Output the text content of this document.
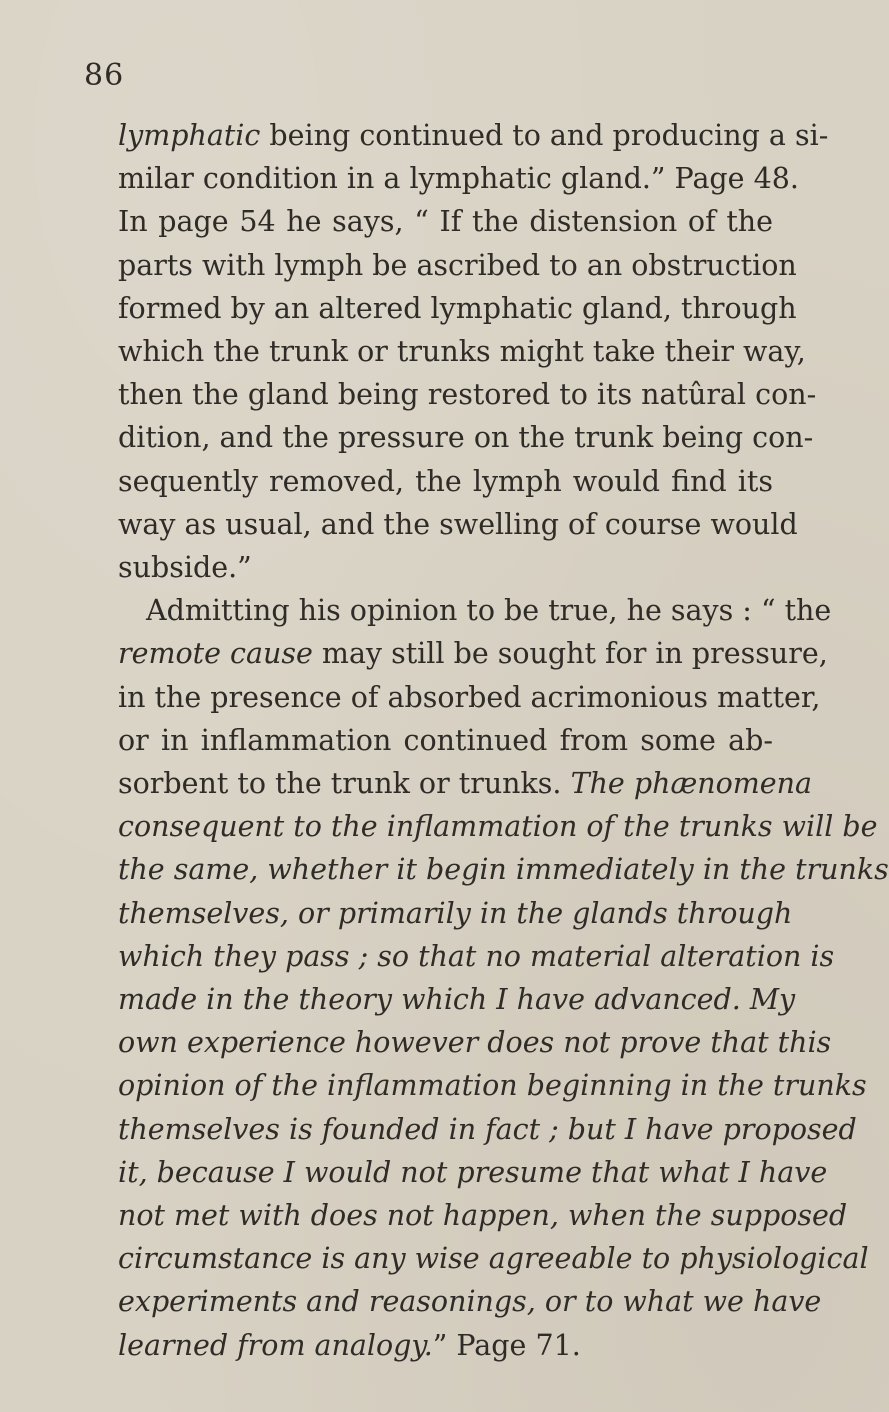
86
lymphatic being continued to and producing a si-
milar condition in a lymphatic gland.” Page 48.
In page 54 he says, “ If the distension of the
parts with lymph be ascribed to an obstruction
formed by an altered lymphatic gland, through
which the trunk or trunks might take their way,
then the gland being restored to its natûral con-
dition, and the pressure on the trunk being con-
sequently removed, the lymph would find its
way as usual, and the swelling of course would
subside.”
Admitting his opinion to be true, he says : “ the
remote cause may still be sought for in pressure,
in the presence of absorbed acrimonious matter,
or in inflammation continued from some ab-
sorbent to the trunk or trunks. The phænomena
consequent to the inflammation of the trunks will be
the same, whether it begin immediately in the trunks
themselves, or primarily in the glands through
which they pass ; so that no material alteration is
made in the theory which I have advanced. My
own experience however does not prove that this
opinion of the inflammation beginning in the trunks
themselves is founded in fact ; but I have proposed
it, because I would not presume that what I have
not met with does not happen, when the supposed
circumstance is any wise agreeable to physiological
experiments and reasonings, or to what we have
learned from analogy.” Page 71.
